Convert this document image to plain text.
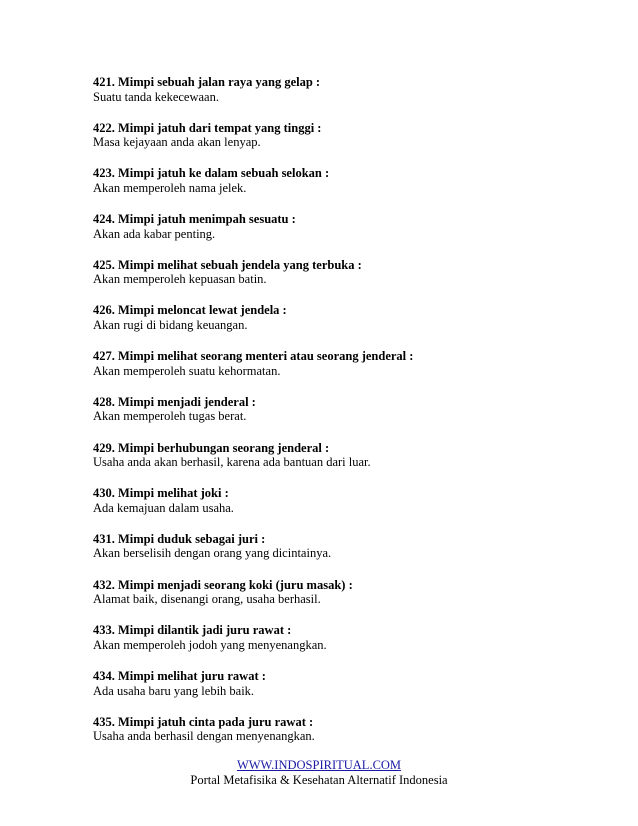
421. Mimpi sebuah jalan raya yang gelap :
Suatu tanda kekecewaan.
422. Mimpi jatuh dari tempat yang tinggi :
Masa kejayaan anda akan lenyap.
423. Mimpi jatuh ke dalam sebuah selokan :
Akan memperoleh nama jelek.
424. Mimpi jatuh menimpah sesuatu :
Akan ada kabar penting.
425. Mimpi melihat sebuah jendela yang terbuka :
Akan memperoleh kepuasan batin.
426. Mimpi meloncat lewat jendela :
Akan rugi di bidang keuangan.
427. Mimpi melihat seorang menteri atau seorang jenderal :
Akan memperoleh suatu kehormatan.
428. Mimpi menjadi jenderal :
Akan memperoleh tugas berat.
429. Mimpi berhubungan seorang jenderal :
Usaha anda akan berhasil, karena ada bantuan dari luar.
430. Mimpi melihat joki :
Ada kemajuan dalam usaha.
431. Mimpi duduk sebagai juri :
Akan berselisih dengan orang yang dicintainya.
432. Mimpi menjadi seorang koki (juru masak) :
Alamat baik, disenangi orang, usaha berhasil.
433. Mimpi dilantik jadi juru rawat :
Akan memperoleh jodoh yang menyenangkan.
434. Mimpi melihat juru rawat :
Ada usaha baru yang lebih baik.
435. Mimpi jatuh cinta pada juru rawat :
Usaha anda berhasil dengan menyenangkan.
WWW.INDOSPIRITUAL.COM
Portal Metafisika & Kesehatan Alternatif Indonesia
